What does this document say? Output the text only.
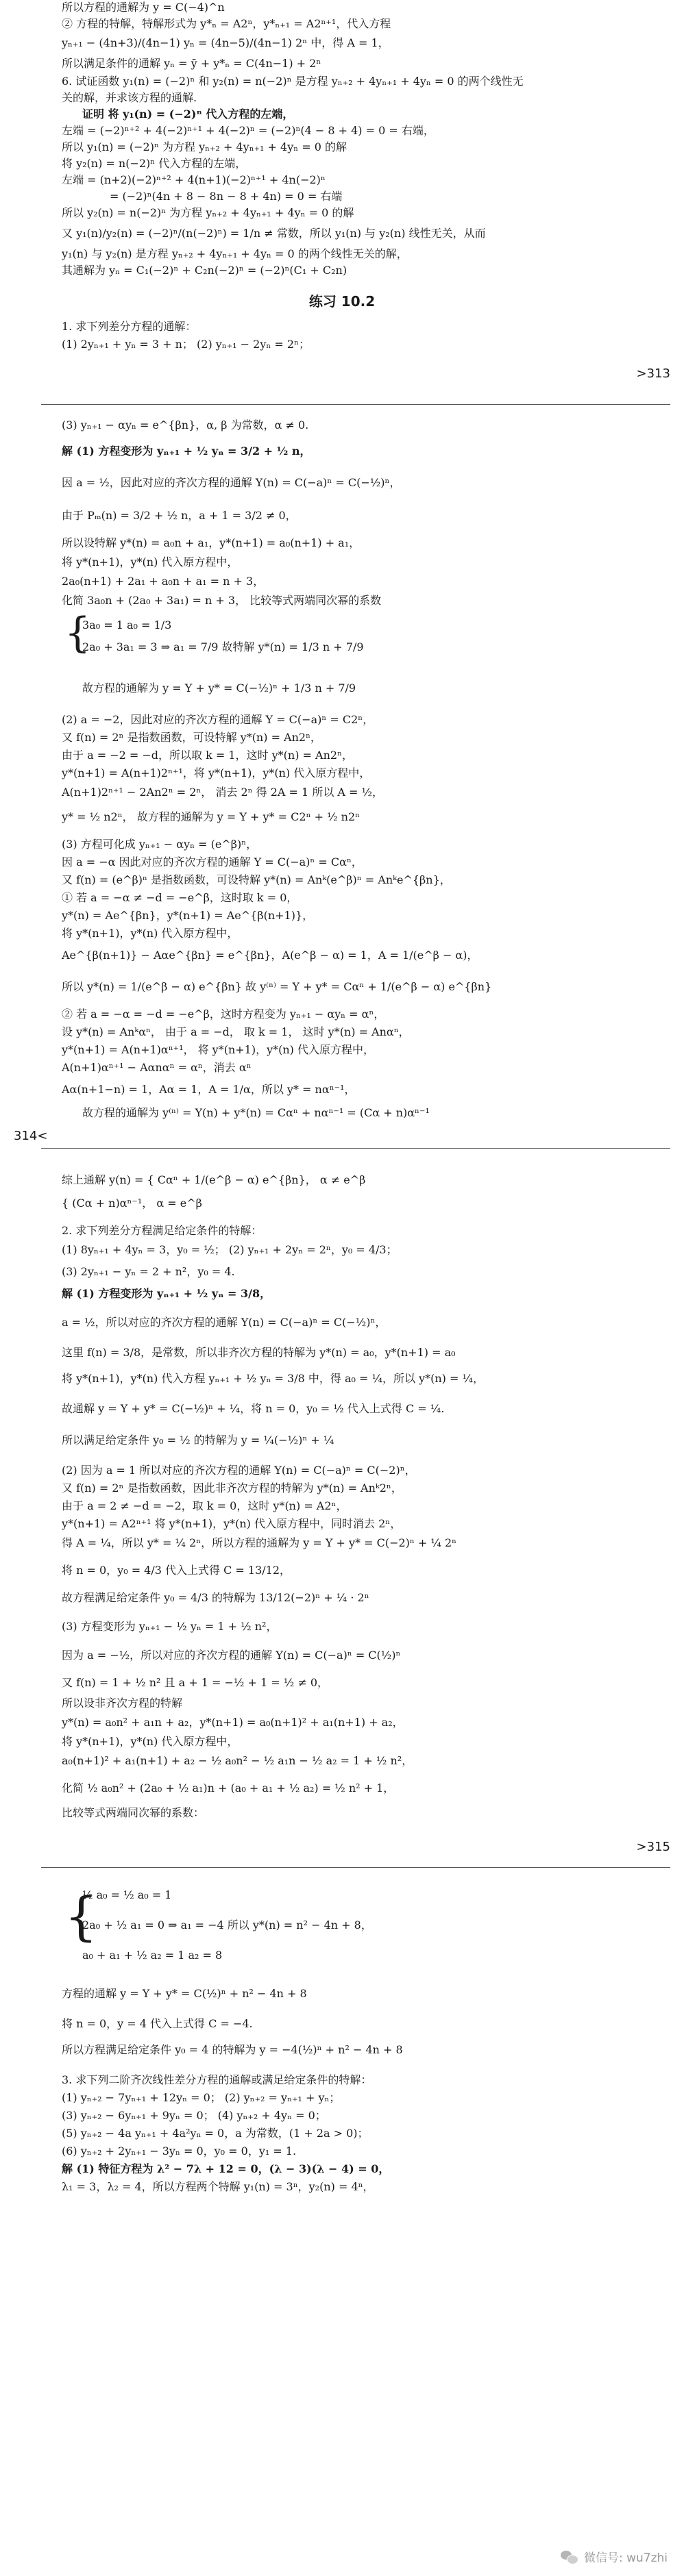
所以方程的通解为 y = C(−4)^n
② 方程的特解，特解形式为 y*ₙ = A2ⁿ，y*ₙ₊₁ = A2ⁿ⁺¹，代入方程
yₙ₊₁ − (4n+3)/(4n−1) yₙ = (4n−5)/(4n−1) 2ⁿ 中，得 A = 1，
所以满足条件的通解 yₙ = ȳ + y*ₙ = C(4n−1) + 2ⁿ
6. 试证函数 y₁(n) = (−2)ⁿ 和 y₂(n) = n(−2)ⁿ 是方程 yₙ₊₂ + 4yₙ₊₁ + 4yₙ = 0 的两个线性无
关的解，并求该方程的通解.
证明 将 y₁(n) = (−2)ⁿ 代入方程的左端，
左端 = (−2)ⁿ⁺² + 4(−2)ⁿ⁺¹ + 4(−2)ⁿ = (−2)ⁿ(4 − 8 + 4) = 0 = 右端，
所以 y₁(n) = (−2)ⁿ 为方程 yₙ₊₂ + 4yₙ₊₁ + 4yₙ = 0 的解
将 y₂(n) = n(−2)ⁿ 代入方程的左端，
左端 = (n+2)(−2)ⁿ⁺² + 4(n+1)(−2)ⁿ⁺¹ + 4n(−2)ⁿ
= (−2)ⁿ(4n + 8 − 8n − 8 + 4n) = 0 = 右端
所以 y₂(n) = n(−2)ⁿ 为方程 yₙ₊₂ + 4yₙ₊₁ + 4yₙ = 0 的解
又 y₁(n)/y₂(n) = (−2)ⁿ/(n(−2)ⁿ) = 1/n ≠ 常数，所以 y₁(n) 与 y₂(n) 线性无关，从而
y₁(n) 与 y₂(n) 是方程 yₙ₊₂ + 4yₙ₊₁ + 4yₙ = 0 的两个线性无关的解，
其通解为 yₙ = C₁(−2)ⁿ + C₂n(−2)ⁿ = (−2)ⁿ(C₁ + C₂n)
练习 10.2
1. 求下列差分方程的通解：
(1) 2yₙ₊₁ + yₙ = 3 + n； (2) yₙ₊₁ − 2yₙ = 2ⁿ；
>313
(3) yₙ₊₁ − αyₙ = e^{βn}，α, β 为常数，α ≠ 0.
解 (1) 方程变形为 yₙ₊₁ + ½ yₙ = 3/2 + ½ n，
因 a = ½，因此对应的齐次方程的通解 Y(n) = C(−a)ⁿ = C(−½)ⁿ，
由于 Pₘ(n) = 3/2 + ½ n，a + 1 = 3/2 ≠ 0，
所以设特解 y*(n) = a₀n + a₁，y*(n+1) = a₀(n+1) + a₁，
将 y*(n+1)，y*(n) 代入原方程中，
2a₀(n+1) + 2a₁ + a₀n + a₁ = n + 3，
化简 3a₀n + (2a₀ + 3a₁) = n + 3， 比较等式两端同次幂的系数
{
3a₀ = 1 a₀ = 1/3
2a₀ + 3a₁ = 3 ⇒ a₁ = 7/9 故特解 y*(n) = 1/3 n + 7/9
故方程的通解为 y = Y + y* = C(−½)ⁿ + 1/3 n + 7/9
(2) a = −2，因此对应的齐次方程的通解 Y = C(−a)ⁿ = C2ⁿ，
又 f(n) = 2ⁿ 是指数函数，可设特解 y*(n) = An2ⁿ，
由于 a = −2 = −d，所以取 k = 1，这时 y*(n) = An2ⁿ，
y*(n+1) = A(n+1)2ⁿ⁺¹，将 y*(n+1)，y*(n) 代入原方程中，
A(n+1)2ⁿ⁺¹ − 2An2ⁿ = 2ⁿ， 消去 2ⁿ 得 2A = 1 所以 A = ½，
y* = ½ n2ⁿ， 故方程的通解为 y = Y + y* = C2ⁿ + ½ n2ⁿ
(3) 方程可化成 yₙ₊₁ − αyₙ = (e^β)ⁿ，
因 a = −α 因此对应的齐次方程的通解 Y = C(−a)ⁿ = Cαⁿ，
又 f(n) = (e^β)ⁿ 是指数函数，可设特解 y*(n) = Anᵏ(e^β)ⁿ = Anᵏe^{βn}，
① 若 a = −α ≠ −d = −e^β，这时取 k = 0，
y*(n) = Ae^{βn}，y*(n+1) = Ae^{β(n+1)}，
将 y*(n+1)，y*(n) 代入原方程中，
Ae^{β(n+1)} − Aαe^{βn} = e^{βn}，A(e^β − α) = 1，A = 1/(e^β − α)，
所以 y*(n) = 1/(e^β − α) e^{βn} 故 y⁽ⁿ⁾ = Y + y* = Cαⁿ + 1/(e^β − α) e^{βn}
② 若 a = −α = −d = −e^β，这时方程变为 yₙ₊₁ − αyₙ = αⁿ，
设 y*(n) = Anᵏαⁿ， 由于 a = −d， 取 k = 1， 这时 y*(n) = Anαⁿ，
y*(n+1) = A(n+1)αⁿ⁺¹， 将 y*(n+1)，y*(n) 代入原方程中，
A(n+1)αⁿ⁺¹ − Aαnαⁿ = αⁿ，消去 αⁿ
Aα(n+1−n) = 1，Aα = 1，A = 1/α，所以 y* = nαⁿ⁻¹，
故方程的通解为 y⁽ⁿ⁾ = Y(n) + y*(n) = Cαⁿ + nαⁿ⁻¹ = (Cα + n)αⁿ⁻¹
314<
综上通解 y(n) = { Cαⁿ + 1/(e^β − α) e^{βn}， α ≠ e^β
{ (Cα + n)αⁿ⁻¹， α = e^β
2. 求下列差分方程满足给定条件的特解：
(1) 8yₙ₊₁ + 4yₙ = 3，y₀ = ½； (2) yₙ₊₁ + 2yₙ = 2ⁿ，y₀ = 4/3；
(3) 2yₙ₊₁ − yₙ = 2 + n²，y₀ = 4.
解 (1) 方程变形为 yₙ₊₁ + ½ yₙ = 3/8，
a = ½，所以对应的齐次方程的通解 Y(n) = C(−a)ⁿ = C(−½)ⁿ，
这里 f(n) = 3/8，是常数，所以非齐次方程的特解为 y*(n) = a₀，y*(n+1) = a₀
将 y*(n+1)，y*(n) 代入方程 yₙ₊₁ + ½ yₙ = 3/8 中，得 a₀ = ¼，所以 y*(n) = ¼，
故通解 y = Y + y* = C(−½)ⁿ + ¼，将 n = 0，y₀ = ½ 代入上式得 C = ¼.
所以满足给定条件 y₀ = ½ 的特解为 y = ¼(−½)ⁿ + ¼
(2) 因为 a = 1 所以对应的齐次方程的通解 Y(n) = C(−a)ⁿ = C(−2)ⁿ，
又 f(n) = 2ⁿ 是指数函数，因此非齐次方程的特解为 y*(n) = Anᵏ2ⁿ，
由于 a = 2 ≠ −d = −2，取 k = 0，这时 y*(n) = A2ⁿ，
y*(n+1) = A2ⁿ⁺¹ 将 y*(n+1)，y*(n) 代入原方程中，同时消去 2ⁿ，
得 A = ¼，所以 y* = ¼ 2ⁿ，所以方程的通解为 y = Y + y* = C(−2)ⁿ + ¼ 2ⁿ
将 n = 0，y₀ = 4/3 代入上式得 C = 13/12，
故方程满足给定条件 y₀ = 4/3 的特解为 13/12(−2)ⁿ + ¼ · 2ⁿ
(3) 方程变形为 yₙ₊₁ − ½ yₙ = 1 + ½ n²，
因为 a = −½，所以对应的齐次方程的通解 Y(n) = C(−a)ⁿ = C(½)ⁿ
又 f(n) = 1 + ½ n² 且 a + 1 = −½ + 1 = ½ ≠ 0，
所以设非齐次方程的特解
y*(n) = a₀n² + a₁n + a₂，y*(n+1) = a₀(n+1)² + a₁(n+1) + a₂，
将 y*(n+1)，y*(n) 代入原方程中，
a₀(n+1)² + a₁(n+1) + a₂ − ½ a₀n² − ½ a₁n − ½ a₂ = 1 + ½ n²，
化简 ½ a₀n² + (2a₀ + ½ a₁)n + (a₀ + a₁ + ½ a₂) = ½ n² + 1，
比较等式两端同次幂的系数：
>315
{
½ a₀ = ½ a₀ = 1
2a₀ + ½ a₁ = 0 ⇒ a₁ = −4 所以 y*(n) = n² − 4n + 8，
a₀ + a₁ + ½ a₂ = 1 a₂ = 8
方程的通解 y = Y + y* = C(½)ⁿ + n² − 4n + 8
将 n = 0，y = 4 代入上式得 C = −4.
所以方程满足给定条件 y₀ = 4 的特解为 y = −4(½)ⁿ + n² − 4n + 8
3. 求下列二阶齐次线性差分方程的通解或满足给定条件的特解：
(1) yₙ₊₂ − 7yₙ₊₁ + 12yₙ = 0； (2) yₙ₊₂ = yₙ₊₁ + yₙ；
(3) yₙ₊₂ − 6yₙ₊₁ + 9yₙ = 0； (4) yₙ₊₂ + 4yₙ = 0；
(5) yₙ₊₂ − 4a yₙ₊₁ + 4a²yₙ = 0，a 为常数，(1 + 2a > 0)；
(6) yₙ₊₂ + 2yₙ₊₁ − 3yₙ = 0，y₀ = 0，y₁ = 1.
解 (1) 特征方程为 λ² − 7λ + 12 = 0，(λ − 3)(λ − 4) = 0，
λ₁ = 3，λ₂ = 4，所以方程两个特解 y₁(n) = 3ⁿ，y₂(n) = 4ⁿ，
微信号: wu7zhi
